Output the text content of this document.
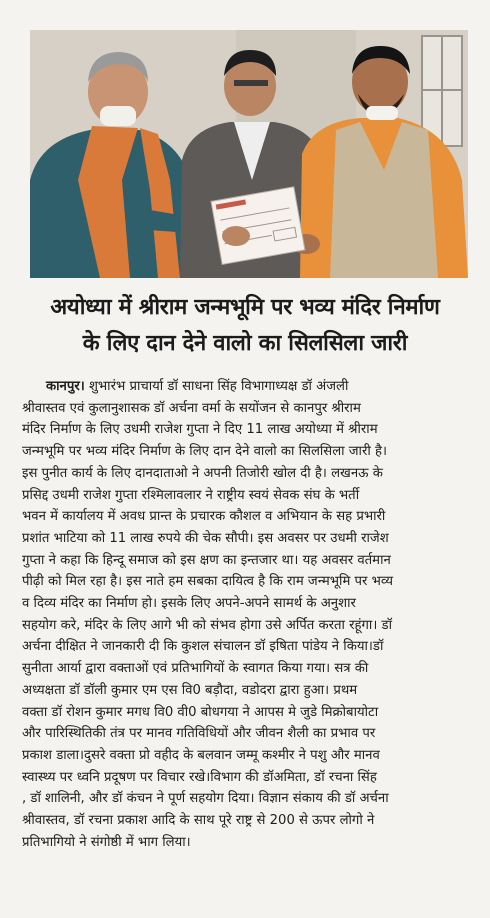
अयोध्या में श्रीराम जन्मभूमि पर भव्य मंदिर निर्माण
के लिए दान देने वालो का सिलसिला जारी
कानपुर। शुभारंभ प्राचार्या डॉ साधना सिंह विभागाध्यक्ष डॉ अंजली
श्रीवास्तव एवं कुलानुशासक डॉ अर्चना वर्मा के सयोंजन से कानपुर श्रीराम
मंदिर निर्माण के लिए उधमी राजेश गुप्ता ने दिए 11 लाख अयोध्या में श्रीराम
जन्मभूमि पर भव्य मंदिर निर्माण के लिए दान देने वालो का सिलसिला जारी है।
इस पुनीत कार्य के लिए दानदाताओ ने अपनी तिजोरी खोल दी है। लखनऊ के
प्रसिद्द उधमी राजेश गुप्ता रश्मिलावलार ने राष्ट्रीय स्वयं सेवक संघ के भर्ती
भवन में कार्यालय में अवध प्रान्त के प्रचारक कौशल व अभियान के सह प्रभारी
प्रशांत भाटिया को 11 लाख रुपये की चेक सौपी। इस अवसर पर उधमी राजेश
गुप्ता ने कहा कि हिन्दू समाज को इस क्षण का इन्तजार था। यह अवसर वर्तमान
पीढ़ी को मिल रहा है। इस नाते हम सबका दायित्व है कि राम जन्मभूमि पर भव्य
व दिव्य मंदिर का निर्माण हो। इसके लिए अपने-अपने सामर्थ के अनुशार
सहयोग करे, मंदिर के लिए आगे भी को संभव होगा उसे अर्पित करता रहूंगा। डॉ
अर्चना दीक्षित ने जानकारी दी कि कुशल संचालन डॉ इषिता पांडेय ने किया।डॉ
सुनीता आर्या द्वारा वक्ताओं एवं प्रतिभागियों के स्वागत किया गया। सत्र की
अध्यक्षता डॉ डॉली कुमार एम एस वि0 बड़ौदा, वडोदरा द्वारा हुआ। प्रथम
वक्ता डॉ रोशन कुमार मगध वि0 वी0 बोधगया ने आपस मे जुडे मिक्रोबायोटा
और पारिस्थितिकी तंत्र पर मानव गतिविधियों और जीवन शैली का प्रभाव पर
प्रकाश डाला।दुसरे वक्ता प्रो वहीद के बलवान जम्मू कश्मीर ने पशु और मानव
स्वास्थ्य पर ध्वनि प्रदूषण पर विचार रखे।विभाग की डॉअमिता, डॉ रचना सिंह
, डॉ शालिनी, और डॉ कंचन ने पूर्ण सहयोग दिया। विज्ञान संकाय की डॉ अर्चना
श्रीवास्तव, डॉ रचना प्रकाश आदि के साथ पूरे राष्ट्र से 200 से ऊपर लोगो ने
प्रतिभागियो ने संगोष्ठी में भाग लिया।
